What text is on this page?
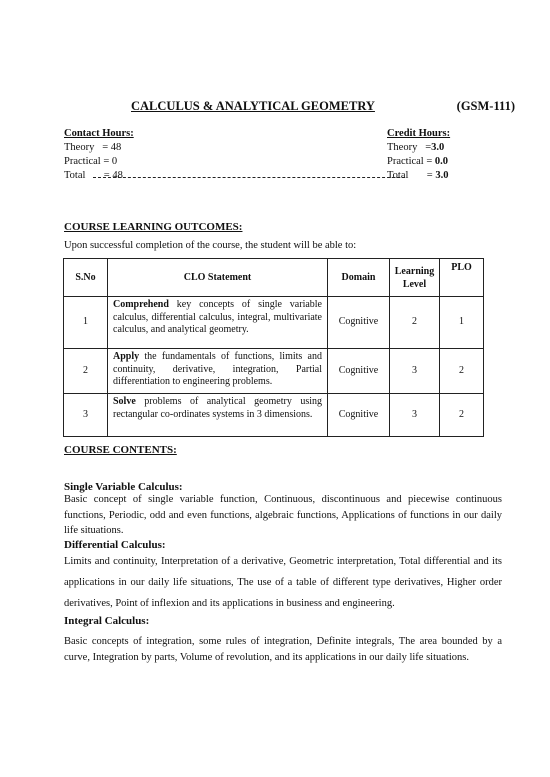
CALCULUS & ANALYTICAL GEOMETRY	(GSM-111)
Contact Hours:
Theory   = 48
Practical = 0
Total       = 48
Credit Hours:
Theory   =3.0
Practical = 0.0
Total       = 3.0
COURSE LEARNING OUTCOMES:
Upon successful completion of the course, the student will be able to:
S.No	CLO Statement	Domain	Learning Level	PLO
1	Comprehend key concepts of single variable calculus, differential calculus, integral, multivariate calculus, and analytical geometry.	Cognitive	2	1
2	Apply the fundamentals of functions, limits and continuity, derivative, integration, Partial differentiation to engineering problems.	Cognitive	3	2
3	Solve problems of analytical geometry using rectangular co-ordinates systems in 3 dimensions.	Cognitive	3	2
COURSE CONTENTS:
Single Variable Calculus:
Basic concept of single variable function, Continuous, discontinuous and piecewise continuous functions, Periodic, odd and even functions, algebraic functions, Applications of functions in our daily life situations.
Differential Calculus:
Limits and continuity, Interpretation of a derivative, Geometric interpretation, Total differential and its applications in our daily life situations, The use of a table of different type derivatives, Higher order derivatives, Point of inflexion and its applications in business and engineering.
Integral Calculus:
Basic concepts of integration, some rules of integration, Definite integrals, The area bounded by a curve, Integration by parts, Volume of revolution, and its applications in our daily life situations.
